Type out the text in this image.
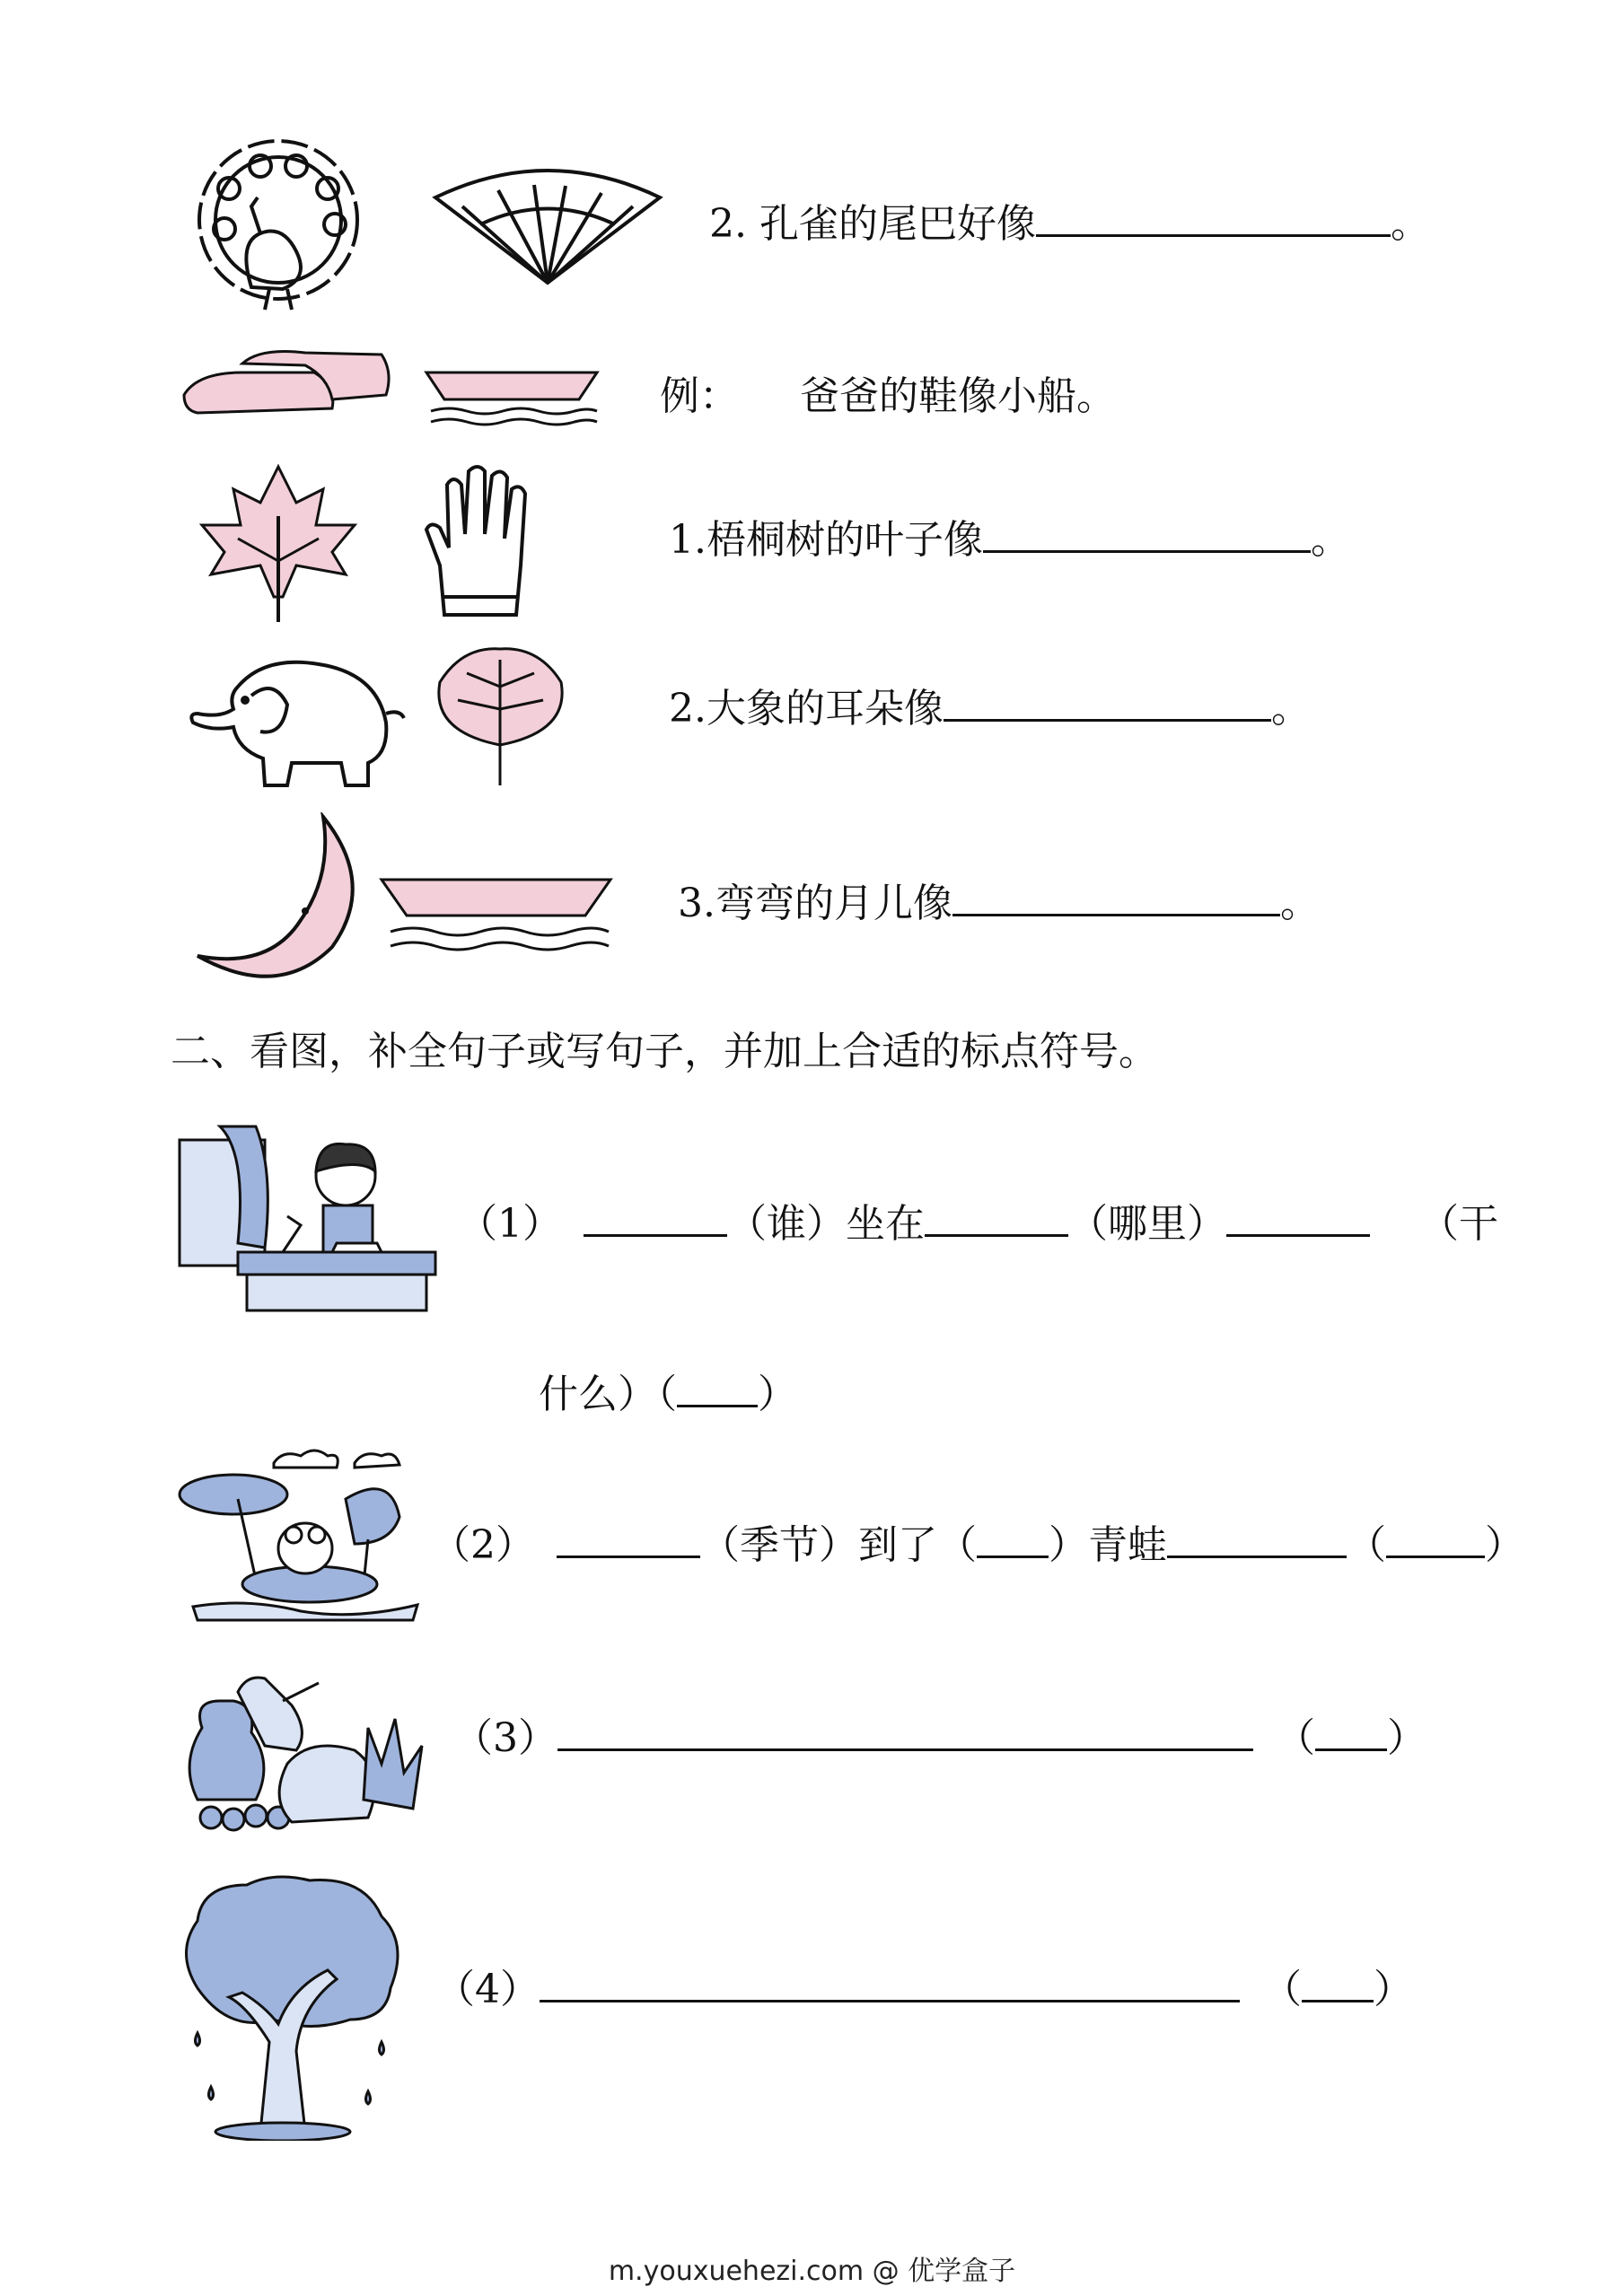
2. 孔雀的尾巴好像	。
例： 爸爸的鞋像小船。
1.梧桐树的叶子像	。
2.大象的耳朵像	。
3.弯弯的月儿像	。
二、看图，补全句子或写句子，并加上合适的标点符号。
（1）	（谁）坐在	（哪里）	（干
什么）（ ）
（2）	（季节）到了（ ）青蛙	（	）
（3）	（ ）
（4）	（ ）
m.youxuehezi.com @ 优学盒子
